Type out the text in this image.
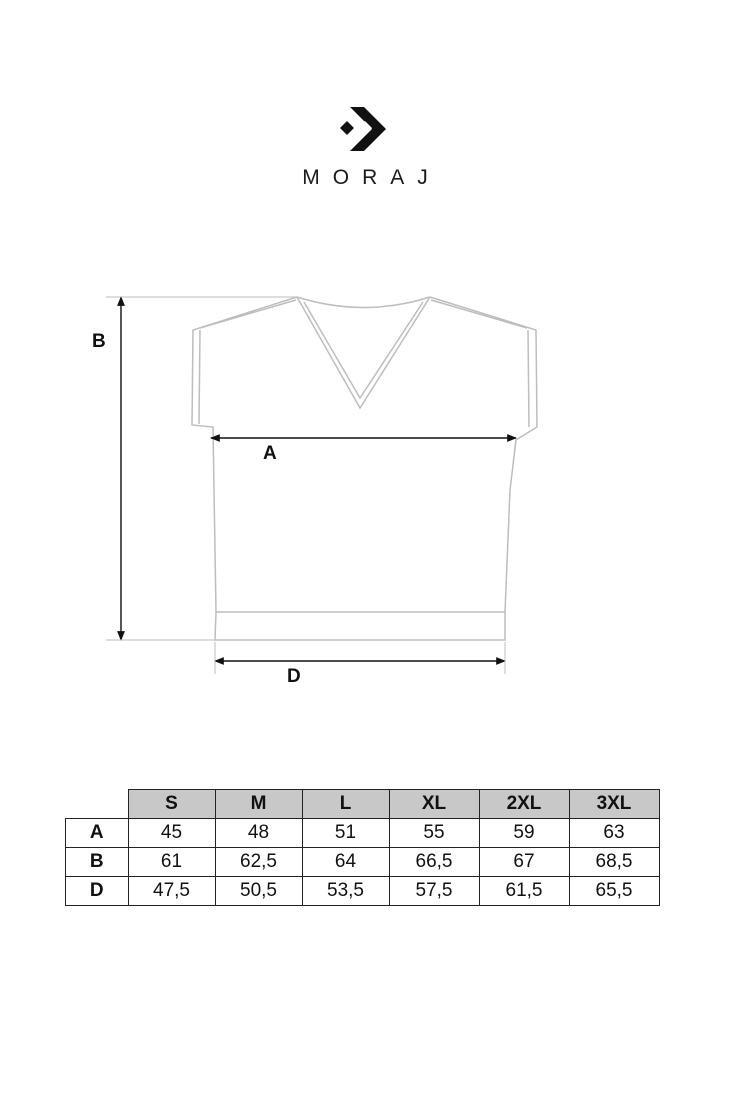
MORAJ
B
A
D
	S	M	L	XL	2XL	3XL
A	45	48	51	55	59	63
B	61	62,5	64	66,5	67	68,5
D	47,5	50,5	53,5	57,5	61,5	65,5
